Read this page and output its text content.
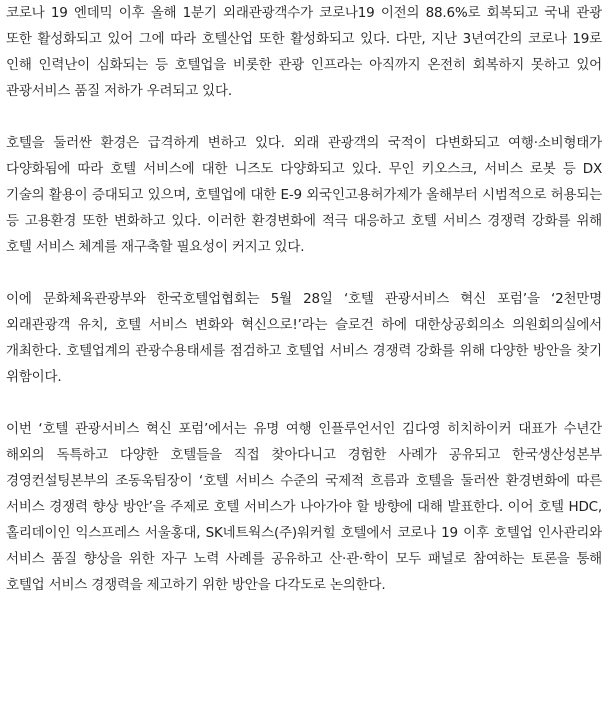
코로나 19 엔데믹 이후 올해 1분기 외래관광객수가 코로나19 이전의 88.6%로 회복되고 국내 관광 또한 활성화되고 있어 그에 따라 호텔산업 또한 활성화되고 있다. 다만, 지난 3년여간의 코로나 19로 인해 인력난이 심화되는 등 호텔업을 비롯한 관광 인프라는 아직까지 온전히 회복하지 못하고 있어 관광서비스 품질 저하가 우려되고 있다.

호텔을 둘러싼 환경은 급격하게 변하고 있다. 외래 관광객의 국적이 다변화되고 여행·소비형태가 다양화됨에 따라 호텔 서비스에 대한 니즈도 다양화되고 있다. 무인 키오스크, 서비스 로봇 등 DX 기술의 활용이 증대되고 있으며, 호텔업에 대한 E-9 외국인고용허가제가 올해부터 시범적으로 허용되는 등 고용환경 또한 변화하고 있다. 이러한 환경변화에 적극 대응하고 호텔 서비스 경쟁력 강화를 위해 호텔 서비스 체계를 재구축할 필요성이 커지고 있다.

이에 문화체육관광부와 한국호텔업협회는 5월 28일 ‘호텔 관광서비스 혁신 포럼’을 ‘2천만명 외래관광객 유치, 호텔 서비스 변화와 혁신으로!’라는 슬로건 하에 대한상공회의소 의원회의실에서 개최한다. 호텔업계의 관광수용태세를 점검하고 호텔업 서비스 경쟁력 강화를 위해 다양한 방안을 찾기 위함이다.

이번 ‘호텔 관광서비스 혁신 포럼’에서는 유명 여행 인플루언서인 김다영 히치하이커 대표가 수년간 해외의 독특하고 다양한 호텔들을 직접 찾아다니고 경험한 사례가 공유되고 한국생산성본부 경영컨설팅본부의 조동욱팀장이 ‘호텔 서비스 수준의 국제적 흐름과 호텔을 둘러싼 환경변화에 따른 서비스 경쟁력 향상 방안’을 주제로 호텔 서비스가 나아가야 할 방향에 대해 발표한다. 이어 호텔 HDC, 홀리데이인 익스프레스 서울홍대, SK네트웍스(주)워커힐 호텔에서 코로나 19 이후 호텔업 인사관리와 서비스 품질 향상을 위한 자구 노력 사례를 공유하고 산·관·학이 모두 패널로 참여하는 토론을 통해 호텔업 서비스 경쟁력을 제고하기 위한 방안을 다각도로 논의한다.
